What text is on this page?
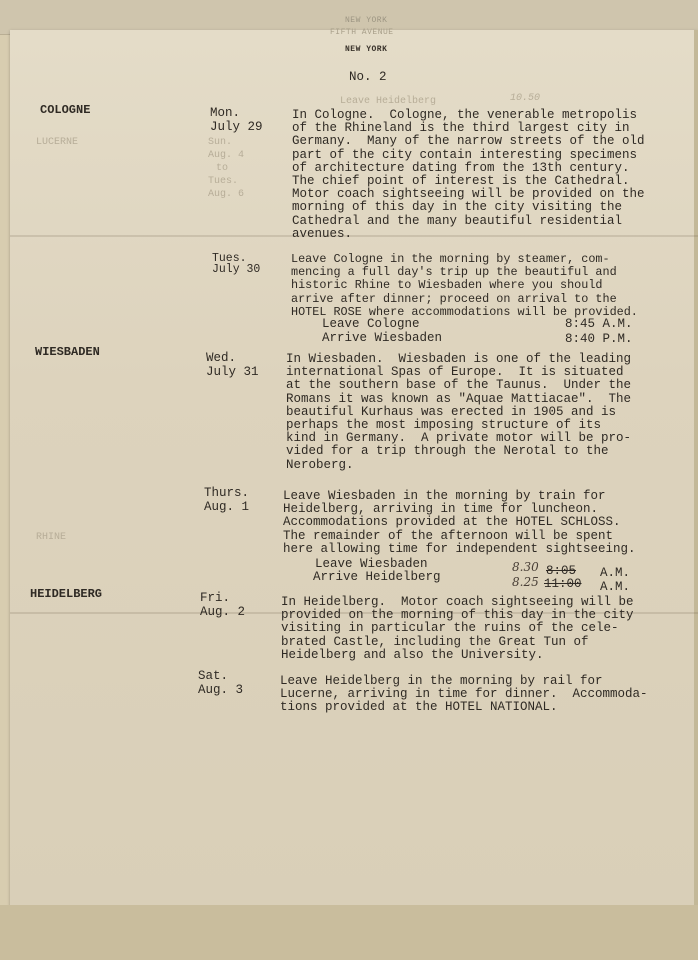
NEW YORK
FIFTH AVENUE
NEW YORK
No. 2
Leave Heidelberg	10.50
LUCERNE	Sun.
Aug. 4
to
Tues.
Aug. 6
RHINE
COLOGNE	Mon.
July 29
In Cologne.  Cologne, the venerable metropolis
of the Rhineland is the third largest city in
Germany.  Many of the narrow streets of the old
part of the city contain interesting specimens
of architecture dating from the 13th century.
The chief point of interest is the Cathedral.
Motor coach sightseeing will be provided on the
morning of this day in the city visiting the
Cathedral and the many beautiful residential
avenues.
Tues.
July 30
Leave Cologne in the morning by steamer, com-
mencing a full day's trip up the beautiful and
historic Rhine to Wiesbaden where you should
arrive after dinner; proceed on arrival to the
HOTEL ROSE where accommodations will be provided.
Leave Cologne	8:45 A.M.
Arrive Wiesbaden	8:40 P.M.
WIESBADEN	Wed.
July 31
In Wiesbaden.  Wiesbaden is one of the leading
international Spas of Europe.  It is situated
at the southern base of the Taunus.  Under the
Romans it was known as "Aquae Mattiacae".  The
beautiful Kurhaus was erected in 1905 and is
perhaps the most imposing structure of its
kind in Germany.  A private motor will be pro-
vided for a trip through the Nerotal to the
Neroberg.
Thurs.
Aug. 1
Leave Wiesbaden in the morning by train for
Heidelberg, arriving in time for luncheon.
Accommodations provided at the HOTEL SCHLOSS.
The remainder of the afternoon will be spent
here allowing time for independent sightseeing.
Leave Wiesbaden	8.30 8:05 A.M.
Arrive Heidelberg	8.25 11:00 A.M.
HEIDELBERG	Fri.
Aug. 2
In Heidelberg.  Motor coach sightseeing will be
provided on the morning of this day in the city
visiting in particular the ruins of the cele-
brated Castle, including the Great Tun of
Heidelberg and also the University.
Sat.
Aug. 3
Leave Heidelberg in the morning by rail for
Lucerne, arriving in time for dinner.  Accommoda-
tions provided at the HOTEL NATIONAL.
